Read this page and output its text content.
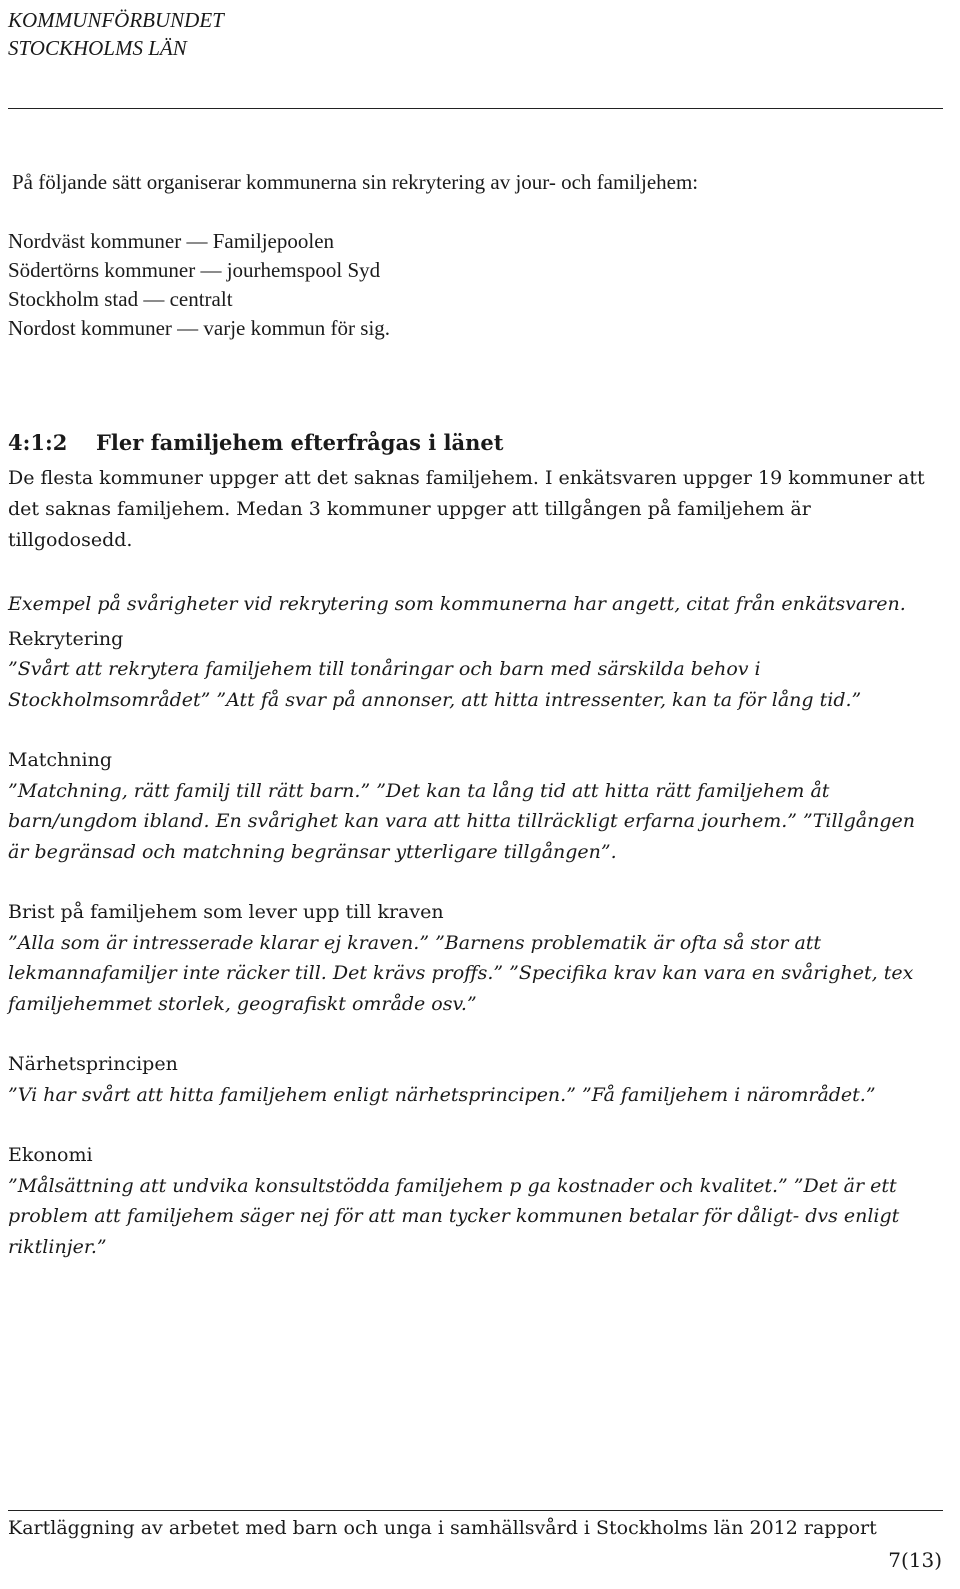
KOMMUNFÖRBUNDET
STOCKHOLMS LÄN

På följande sätt organiserar kommunerna sin rekrytering av jour- och familjehem:

Nordväst kommuner — Familjepoolen

Södertörns kommuner — jourhemspool Syd

Stockholm stad — centralt

Nordost kommuner — varje kommun för sig.

4:1:2 Fler familjehem efterfrågas i länet

De flesta kommuner uppger att det saknas familjehem. I enkätsvaren uppger 19 kommuner att det saknas familjehem. Medan 3 kommuner uppger att tillgången på familjehem är tillgodosedd.

Exempel på svårigheter vid rekrytering som kommunerna har angett, citat från enkätsvaren.

Rekrytering

”Svårt att rekrytera familjehem till tonåringar och barn med särskilda behov i Stockholmsområdet” ”Att få svar på annonser, att hitta intressenter, kan ta för lång tid.”

Matchning

”Matchning, rätt familj till rätt barn.” ”Det kan ta lång tid att hitta rätt familjehem åt barn/ungdom ibland. En svårighet kan vara att hitta tillräckligt erfarna jourhem.” ”Tillgången är begränsad och matchning begränsar ytterligare tillgången”.

Brist på familjehem som lever upp till kraven

”Alla som är intresserade klarar ej kraven.” ”Barnens problematik är ofta så stor att lekmannafamiljer inte räcker till. Det krävs proffs.” ”Specifika krav kan vara en svårighet, tex familjehemmet storlek, geografiskt område osv.”

Närhetsprincipen

”Vi har svårt att hitta familjehem enligt närhetsprincipen.” ”Få familjehem i närområdet.”

Ekonomi

”Målsättning att undvika konsultstödda familjehem p ga kostnader och kvalitet.” ”Det är ett problem att familjehem säger nej för att man tycker kommunen betalar för dåligt- dvs enligt riktlinjer.”

Kartläggning av arbetet med barn och unga i samhällsvård i Stockholms län 2012 rapport
7(13)
